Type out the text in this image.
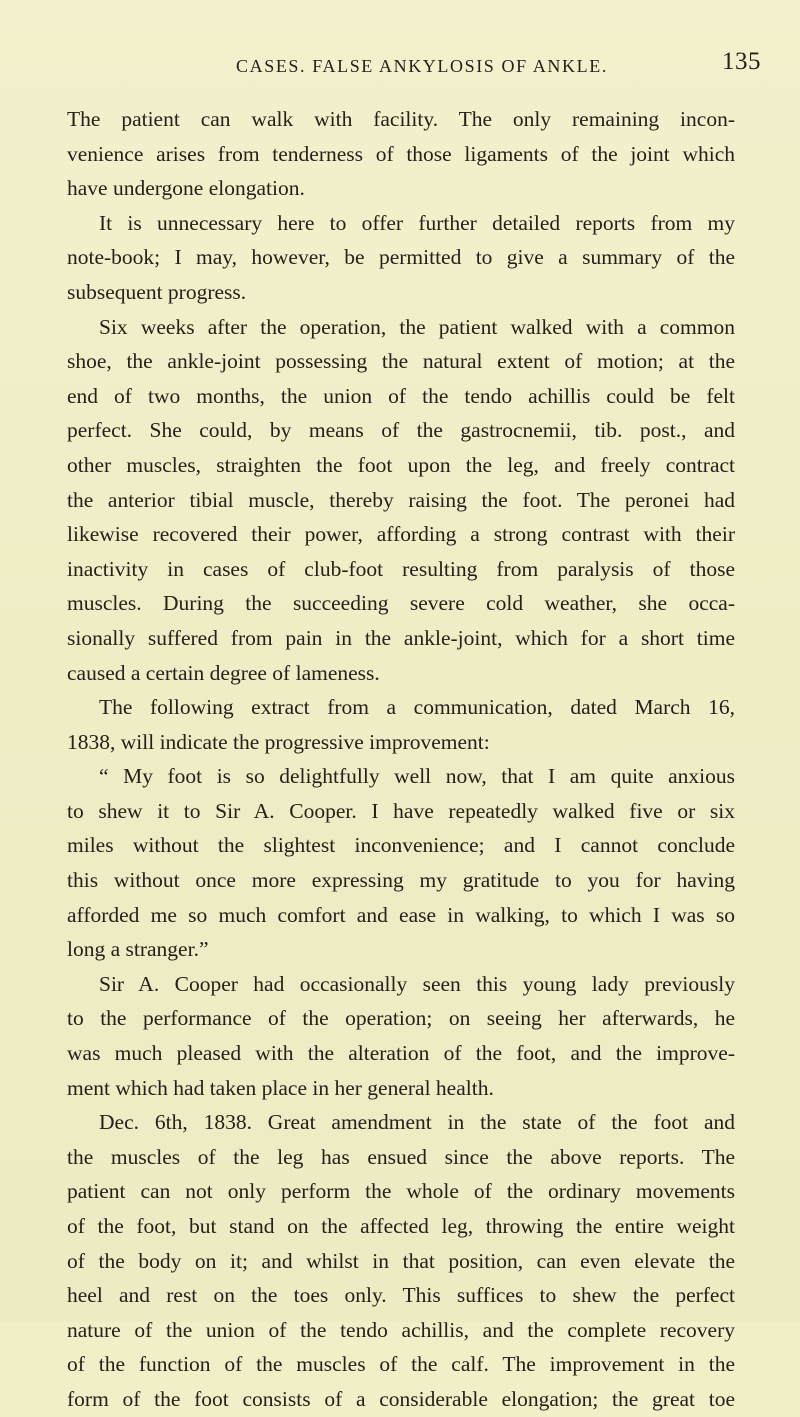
CASES. FALSE ANKYLOSIS OF ANKLE.	135
The patient can walk with facility. The only remaining incon-
venience arises from tenderness of those ligaments of the joint which
have undergone elongation.
It is unnecessary here to offer further detailed reports from my
note-book; I may, however, be permitted to give a summary of the
subsequent progress.
Six weeks after the operation, the patient walked with a common
shoe, the ankle-joint possessing the natural extent of motion; at the
end of two months, the union of the tendo achillis could be felt
perfect. She could, by means of the gastrocnemii, tib. post., and
other muscles, straighten the foot upon the leg, and freely contract
the anterior tibial muscle, thereby raising the foot. The peronei had
likewise recovered their power, affording a strong contrast with their
inactivity in cases of club-foot resulting from paralysis of those
muscles. During the succeeding severe cold weather, she occa-
sionally suffered from pain in the ankle-joint, which for a short time
caused a certain degree of lameness.
The following extract from a communication, dated March 16,
1838, will indicate the progressive improvement:
“ My foot is so delightfully well now, that I am quite anxious
to shew it to Sir A. Cooper. I have repeatedly walked five or six
miles without the slightest inconvenience; and I cannot conclude
this without once more expressing my gratitude to you for having
afforded me so much comfort and ease in walking, to which I was so
long a stranger.”
Sir A. Cooper had occasionally seen this young lady previously
to the performance of the operation; on seeing her afterwards, he
was much pleased with the alteration of the foot, and the improve-
ment which had taken place in her general health.
Dec. 6th, 1838. Great amendment in the state of the foot and
the muscles of the leg has ensued since the above reports. The
patient can not only perform the whole of the ordinary movements
of the foot, but stand on the affected leg, throwing the entire weight
of the body on it; and whilst in that position, can even elevate the
heel and rest on the toes only. This suffices to shew the perfect
nature of the union of the tendo achillis, and the complete recovery
of the function of the muscles of the calf. The improvement in the
form of the foot consists of a considerable elongation; the great toe
